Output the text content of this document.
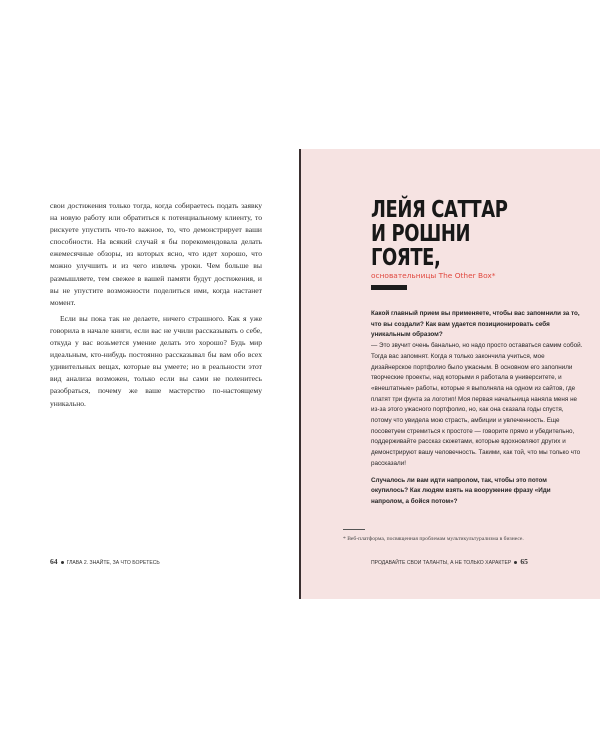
свои достижения только тогда, когда собираетесь подать заявку на новую работу или обратиться к потенциальному клиенту, то рискуете упустить что-то важное, то, что демонстрирует ваши способности. На всякий случай я бы порекомендовала делать ежемесячные обзоры, из которых ясно, что идет хорошо, что можно улучшить и из чего извлечь уроки. Чем больше вы размышляете, тем свежее в вашей памяти будут достижения, и вы не упустите возможности поделиться ими, когда настанет момент.

Если вы пока так не делаете, ничего страшного. Как я уже говорила в начале книги, если вас не учили рассказывать о себе, откуда у вас возьмется умение делать это хорошо? Будь мир идеальным, кто-нибудь постоянно рассказывал бы вам обо всех удивительных вещах, которые вы умеете; но в реальности этот вид анализа возможен, только если вы сами не поленитесь разобраться, почему же ваше мастерство по-настоящему уникально.

64 ГЛАВА 2. ЗНАЙТЕ, ЗА ЧТО БОРЕТЕСЬ
ЛЕЙЯ САТТАР
И РОШНИ ГОЯТЕ,
основательницы The Other Box*

Какой главный прием вы применяете, чтобы вас запомнили за то, что вы создали? Как вам удается позиционировать себя уникальным образом?

— Это звучит очень банально, но надо просто оставаться самим собой. Тогда вас запомнят. Когда я только закончила учиться, мое дизайнерское портфолио было ужасным. В основном его заполнили творческие проекты, над которыми я работала в университете, и «внештатные» работы, которые я выполняла на одном из сайтов, где платят три фунта за логотип! Моя первая начальница наняла меня не из-за этого ужасного портфолио, но, как она сказала годы спустя, потому что увидела мою страсть, амбиции и увлеченность. Еще посоветуем стремиться к простоте — говорите прямо и убедительно, поддерживайте рассказ сюжетами, которые вдохновляют других и демонстрируют вашу человечность. Такими, как той, что мы только что рассказали!

Случалось ли вам идти напролом, так, чтобы это потом окупилось? Как людям взять на вооружение фразу «Иди напролом, а бойся потом»?

* Веб-платформа, посвященная проблемам мультикультурализма в бизнесе.
ПРОДАВАЙТЕ СВОИ ТАЛАНТЫ, А НЕ ТОЛЬКО ХАРАКТЕР 65
